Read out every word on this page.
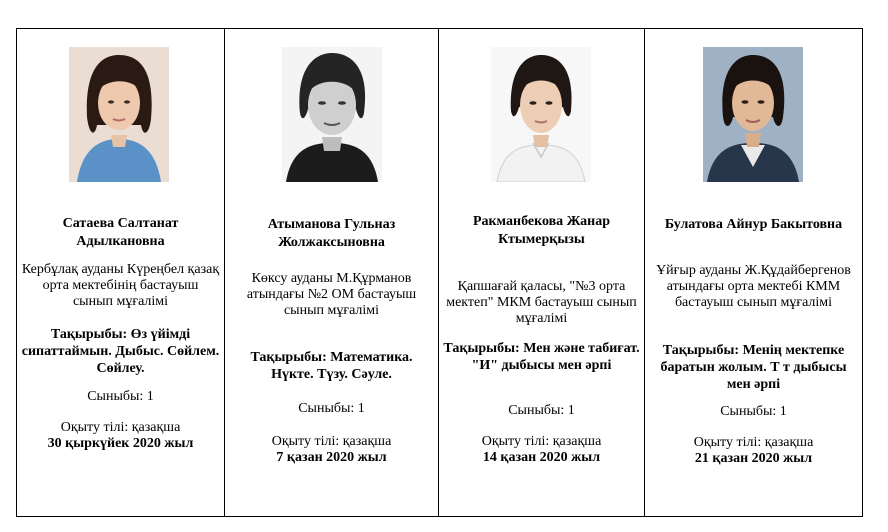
Сатаева Салтанат Адылкановна
Кербұлақ ауданы Күреңбел қазақ орта мектебінің бастауыш сынып мұғалімі
Тақырыбы: Өз үйімді сипаттаймын. Дыбыс. Сөйлем. Сөйлеу.
Сыныбы: 1
Оқыту тілі: қазақша
30 қыркүйек 2020 жыл
Атыманова Гульназ Жолжаксыновна
Көксу ауданы М.Құрманов атындағы №2 ОМ бастауыш сынып мұғалімі
Тақырыбы: Математика. Нүкте. Түзу. Сәуле.
Сыныбы: 1
Оқыту тілі: қазақша
7 қазан 2020 жыл
Ракманбекова Жанар Ктымерқызы
Қапшағай қаласы, "№3 орта мектеп" МКМ бастауыш сынып мұғалімі
Тақырыбы: Мен және табиғат. "И" дыбысы мен әрпі
Сыныбы: 1
Оқыту тілі: қазақша
14 қазан 2020 жыл
Булатова Айнур Бакытовна
Ұйғыр ауданы Ж.Құдайбергенов атындағы орта мектебі КММ бастауыш сынып мұғалімі
Тақырыбы: Менің мектепке баратын жолым. Т т дыбысы мен әрпі
Сыныбы: 1
Оқыту тілі: қазақша
21 қазан 2020 жыл
